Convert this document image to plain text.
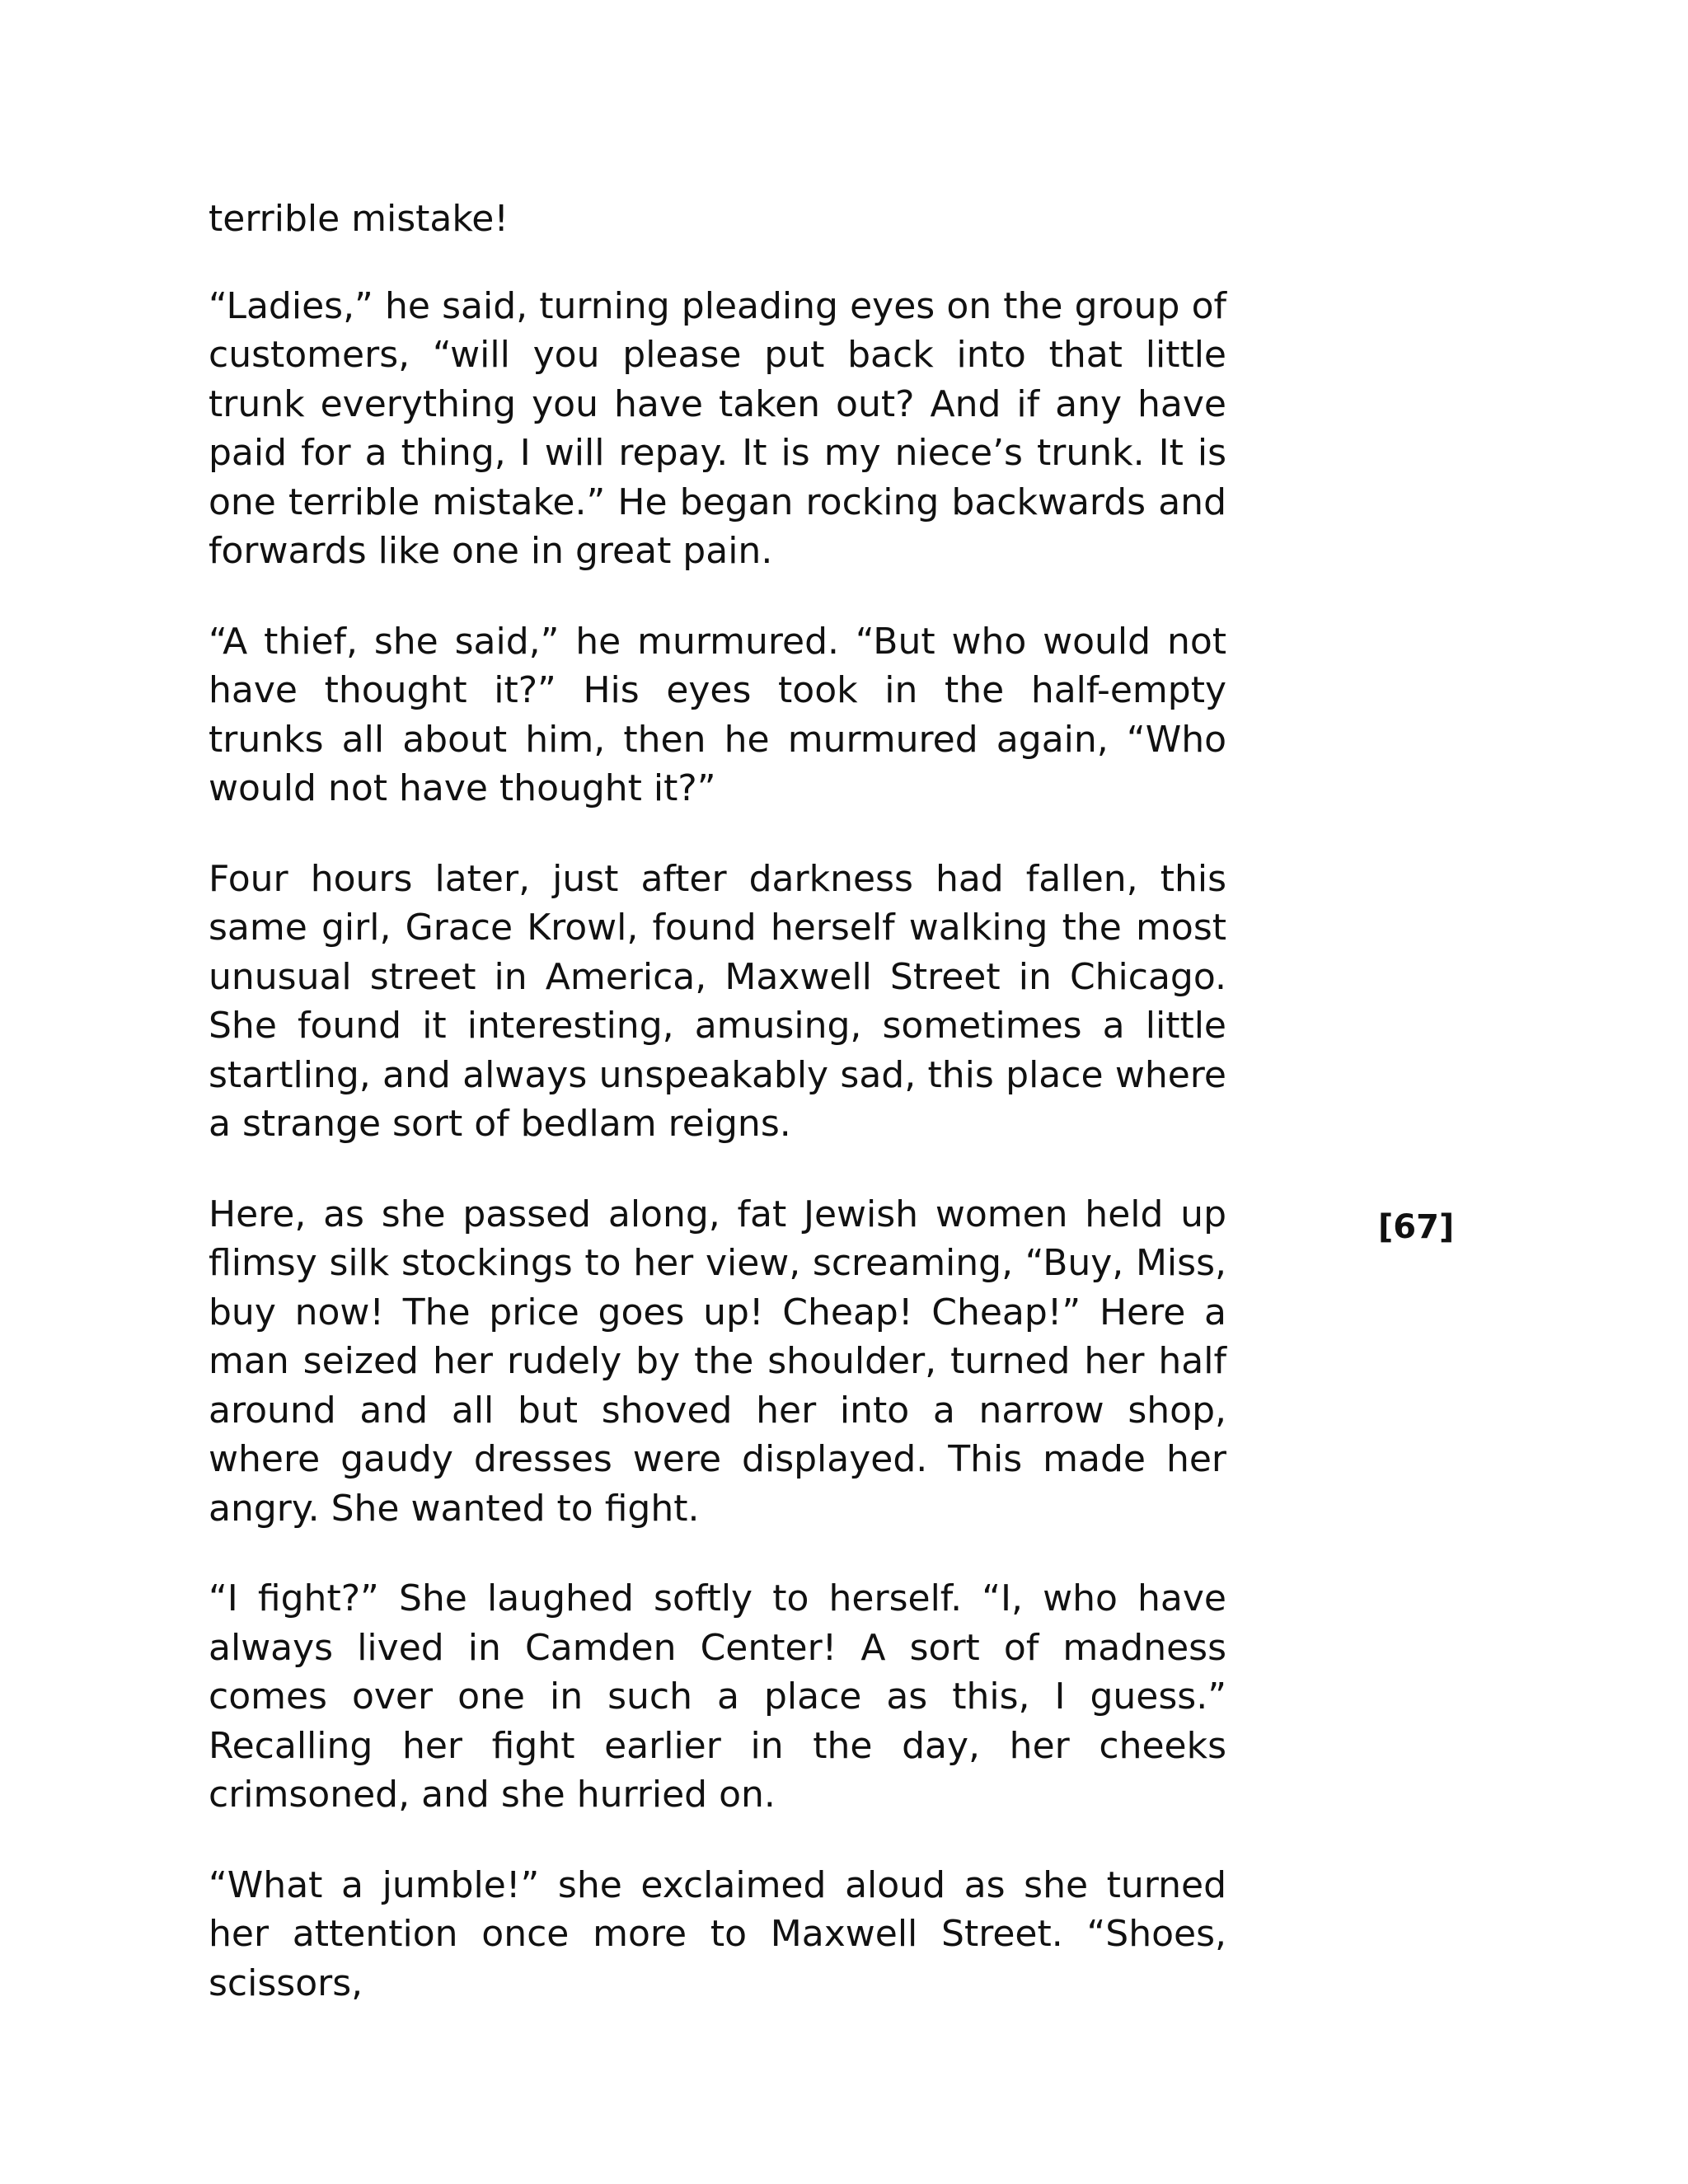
terrible mistake!

“Ladies,” he said, turning pleading eyes on the group of customers, “will you please put back into that little trunk everything you have taken out? And if any have paid for a thing, I will repay. It is my niece’s trunk. It is one terrible mistake.” He began rocking backwards and forwards like one in great pain.

“A thief, she said,” he murmured. “But who would not have thought it?” His eyes took in the half-empty trunks all about him, then he murmured again, “Who would not have thought it?”

Four hours later, just after darkness had fallen, this same girl, Grace Krowl, found herself walking the most unusual street in America, Maxwell Street in Chicago. She found it interesting, amusing, sometimes a little startling, and always unspeakably sad, this place where a strange sort of bedlam reigns.

Here, as she passed along, fat Jewish women held up flimsy silk stockings to her view, screaming, “Buy, Miss, buy now! The price goes up! Cheap! Cheap!” Here a man seized her rudely by the shoulder, turned her half around and all but shoved her into a narrow shop, where gaudy dresses were displayed. This made her angry. She wanted to fight.

“I fight?” She laughed softly to herself. “I, who have always lived in Camden Center! A sort of madness comes over one in such a place as this, I guess.” Recalling her fight earlier in the day, her cheeks crimsoned, and she hurried on.

“What a jumble!” she exclaimed aloud as she turned her attention once more to Maxwell Street. “Shoes, scissors,

[67]
